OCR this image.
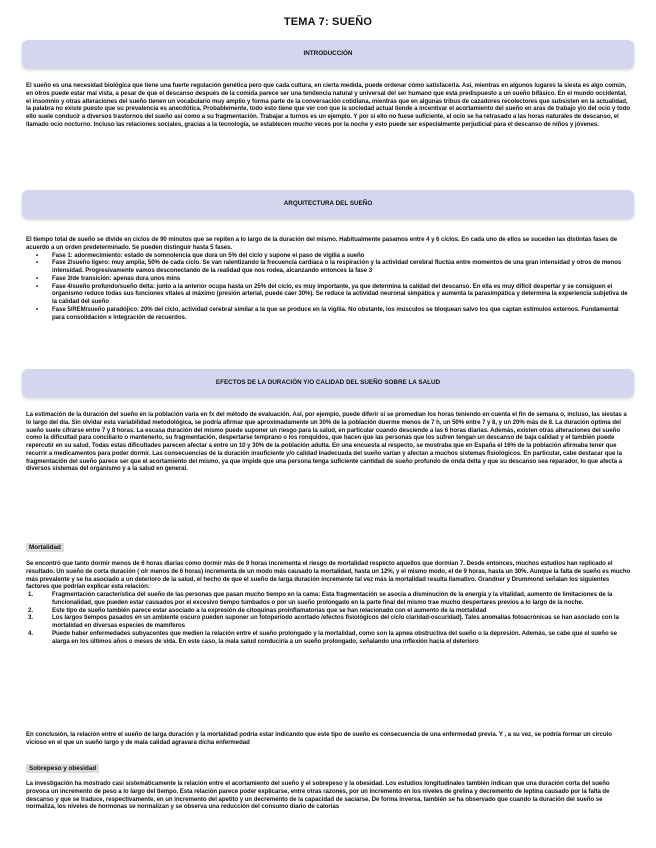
TEMA 7: SUEÑO
INTRODUCCIÓN

El sueño es una necesidad biológica que tiene una fuerte regulación genética pero que cada cultura, en cierta medida, puede ordenar cómo satisfacerla. Así, mientras en algunos lugares la siesta es algo común, en otros puede estar mal vista, a pesar de que el descanso después de la comida parece ser una tendencia natural y universal del ser humano que está predispuesto a un sueño bifásico. En el mundo occidental, el insomnio y otras alteraciones del sueño tienen un vocabulario muy amplio y forma parte de la conversación cotidiana, mientras que en algunas tribus de cazadores recolectores que subsisten en la actualidad, la palabra no existe puesto que su prevalencia es anecdótica. Probablemente, todo esto tiene que ver con que la sociedad actual tiende a incentivar el acortamiento del sueño en aras de trabajo y/o del ocio y todo ello suele conducir a diversos trastornos del sueño así como a su fragmentación. Trabajar a turnos es un ejemplo. Y por si ello no fuese suficiente, el ocio se ha retrasado a las horas naturales de descanso, el llamado ocio nocturno. Incluso las relaciones sociales, gracias a la tecnología, se establecen mucho veces por la noche y esto puede ser especialmente perjudicial para el descanso de niños y jóvenes.

ARQUITECTURA DEL SUEÑO

El tiempo total de sueño se divide en ciclos de 90 minutos que se repiten a lo largo de la duración del mismo. Habitualmente pasamos entre 4 y 6 ciclos. En cada uno de ellos se suceden las distintas fases de acuerdo a un orden predeterminado. Se pueden distinguir hasta 5 fases.

• Fase 1: adormecimiento: estado de somnolencia que dura un 5% del ciclo y supone el paso de vigilia a sueño
• Fase 2/sueño ligero: muy amplia, 50% de cada ciclo. Se van ralentizando la frecuencia cardiaca o la respiración y la actividad cerebral fluctúa entre momentos de una gran intensidad y otros de menos intensidad. Progresivamente vamos desconectando de la realidad que nos rodea, alcanzando entonces la fase 3
• Fase 3/de transición: apenas dura unos mins
• Fase 4/sueño profundo/sueño delta: junto a la anterior ocupa hasta un 25% del ciclo, es muy importante, ya que determina la calidad del descanso. En ella es muy difícil despertar y se consiguen el organismo reduce todas sus funciones vitales al máximo (presión arterial, puede caer 30%). Se reduce la actividad neuronal simpática y aumenta la parasimpática y determina la experiencia subjetiva de la calidad del sueño
• Fase 5/REM/sueño paradójico: 20% del ciclo, actividad cerebral similar a la que se produce en la vigilia. No obstante, los músculos se bloquean salvo los que captan estímulos externos. Fundamental para consolidación e integración de recuerdos.
EFECTOS DE LA DURACIÓN Y/O CALIDAD DEL SUEÑO SOBRE LA SALUD

La estimación de la duración del sueño en la población varía en fx del método de evaluación. Así, por ejemplo, puede diferir si se promedian los horas teniendo en cuenta el fin de semana o, incluso, las siestas a lo largo del día. Sin olvidar esta variabilidad metodológica, se podría afirmar que aproximadamente un 30% de la población duerme menos de 7 h, un 50% entre 7 y 8, y un 20% más de 8. La duración óptima del sueño suele cifrarse entre 7 y 8 horas. La escasa duración del mismo puede suponer un riesgo para la salud, en particular cuando desciende a las 6 horas diarias. Además, existen otras alteraciones del sueño como la dificultad para conciliarlo o mantenerlo, su fragmentación, despertarse temprano o los ronquidos, que hacen que las personas que los sufren tengan un descanso de baja calidad y el también puede repercutir en su salud. Todas estas dificultades parecen afectar a entre un 10 y 30% de la población adulta. En una encuesta al respecto, se mostraba que en España el 16% de la población afirmaba tener que recurrir a medicamentos para poder dormir. Las consecuencias de la duración insuficiente y/o calidad inadecuada del sueño varían y afectan a muchos sistemas fisiológicos. En particular, cabe destacar que la fragmentación del sueño parece ser que el acortamiento del mismo, ya que impide que una persona tenga suficiente cantidad de sueño profundo de onda delta y que su descanso sea reparador, lo que afecta a diversos sistemas del organismo y a la salud en general.

Mortalidad

Se encontró que tanto dormir menos de 6 horas diarias como dormir más de 9 horas incrementa el riesgo de mortalidad respecto aquellos que dormían 7. Desde entonces, muchos estudios han replicado el resultado. Un sueño de corta duración ( o/r menos de 6 horas) incrementa de un modo más causado la mortalidad, hasta un 12%, y el mismo modo, el de 9 horas, hasta un 30%. Aunque la falta de sueño es mucho más prevalente y se ha asociado a un deterioro de la salud, el hecho de que el sueño de larga duración incremente tal vez más la mortalidad resulta llamativo. Grandner y Drummond señalan los siguientes factores que podrían explicar esta relación:

1.	Fragmentación característica del sueño de las personas que pasan mucho tiempo en la cama: Esta fragmentación se asocia a disminución de la energía y la vitalidad, aumento de limitaciones de la funcionalidad, que pueden estar causados por el excesivo tiempo tumbados o por un sueño prolongado en la parte final del mismo trae mucho despertares previos a lo largo de la noche.
2.	Este tipo de sueño también parece estar asociado a la expresión de citoquinas proinflamatorias que se han relacionado con el aumento de la mortalidad
3.	Los largos tiempos pasados en un ambiente oscuro pueden suponer un fotoperiodo acortado /efectos fisiológicos del ciclo claridad-oscuridad). Tales anomalías fotoacrónicas se han asociado con la mortalidad en diversas especies de mamíferos
4.	Puede haber enfermedades subyacentes que medien la relación entre el sueño prolongado y la mortalidad, como son la apnea obstructiva del sueño o la depresión. Además, se cabe que el sueño se alarga en los últimos años o meses de vida. En este caso, la mala salud conduciría a un sueño prolongado, señalando una inflexión hacia el deterioro

En conclusión, la relación entre el sueño de larga duración y la mortalidad podría estar indicando que este tipo de sueño es consecuencia de una enfermedad previa. Y , a su vez, se podría formar un círculo vicioso en el que un sueño largo y de mala calidad agravara dicha enfermedad

Sobrepeso y obesidad

La investigación ha mostrado casi sistemáticamente la relación entre el acortamiento del sueño y el sobrepeso y la obesidad. Los estudios longitudinales también indican que una duración corta del sueño provoca un incremento de peso a lo largo del tiempo. Esta relación parece poder explicarse, entre otras razones, por un incremento en los niveles de grelina y decremento de leptina causado por la falta de descanso y que se traduce, respectivamente, en un incremento del apetito y un decremento de la capacidad de saciarse. De forma inversa, también se ha observado que cuando la duración del sueño se normaliza, los niveles de hormonas se normalizan y se observa una reducción del consumo diario de calorías
